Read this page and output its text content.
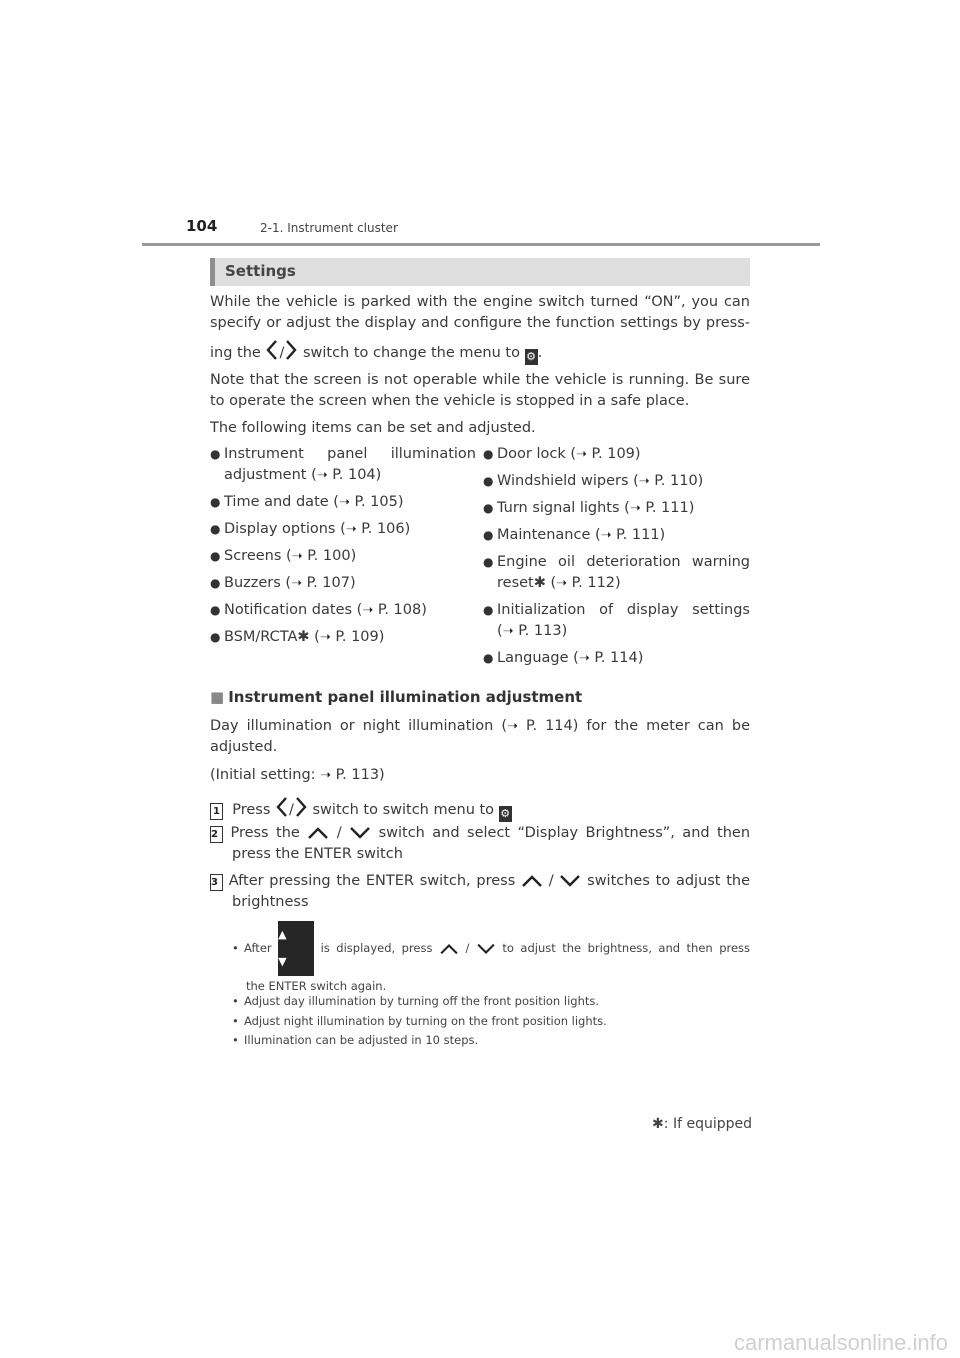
104	2-1. Instrument cluster
Settings
While the vehicle is parked with the engine switch turned “ON”, you can
specify or adjust the display and configure the function settings by press-
ing the / switch to change the menu to ⚙ .
Note that the screen is not operable while the vehicle is running. Be sure
to operate the screen when the vehicle is stopped in a safe place.
The following items can be set and adjusted.
● Instrument panel illumination
adjustment (➝ P. 104)
● Time and date (➝ P. 105)
● Display options (➝ P. 106)
● Screens (➝ P. 100)
● Buzzers (➝ P. 107)
● Notification dates (➝ P. 108)
● BSM/RCTA✱ (➝ P. 109)
● Door lock (➝ P. 109)
● Windshield wipers (➝ P. 110)
● Turn signal lights (➝ P. 111)
● Maintenance (➝ P. 111)
● Engine oil deterioration warning
reset✱ (➝ P. 112)
● Initialization of display settings
(➝ P. 113)
● Language (➝ P. 114)
■ Instrument panel illumination adjustment
Day illumination or night illumination (➝ P. 114) for the meter can be
adjusted.
(Initial setting: ➝ P. 113)
1 Press / switch to switch menu to ⚙
2 Press the	/	switch and select “Display Brightness”, and then
press the ENTER switch
3 After pressing the ENTER switch, press / switches to adjust the
brightness
• After
▲
▼
is displayed, press	/	to adjust the brightness, and then press
the ENTER switch again.
• Adjust day illumination by turning off the front position lights.
• Adjust night illumination by turning on the front position lights.
• Illumination can be adjusted in 10 steps.
✱: If equipped
carmanualsonline.info
